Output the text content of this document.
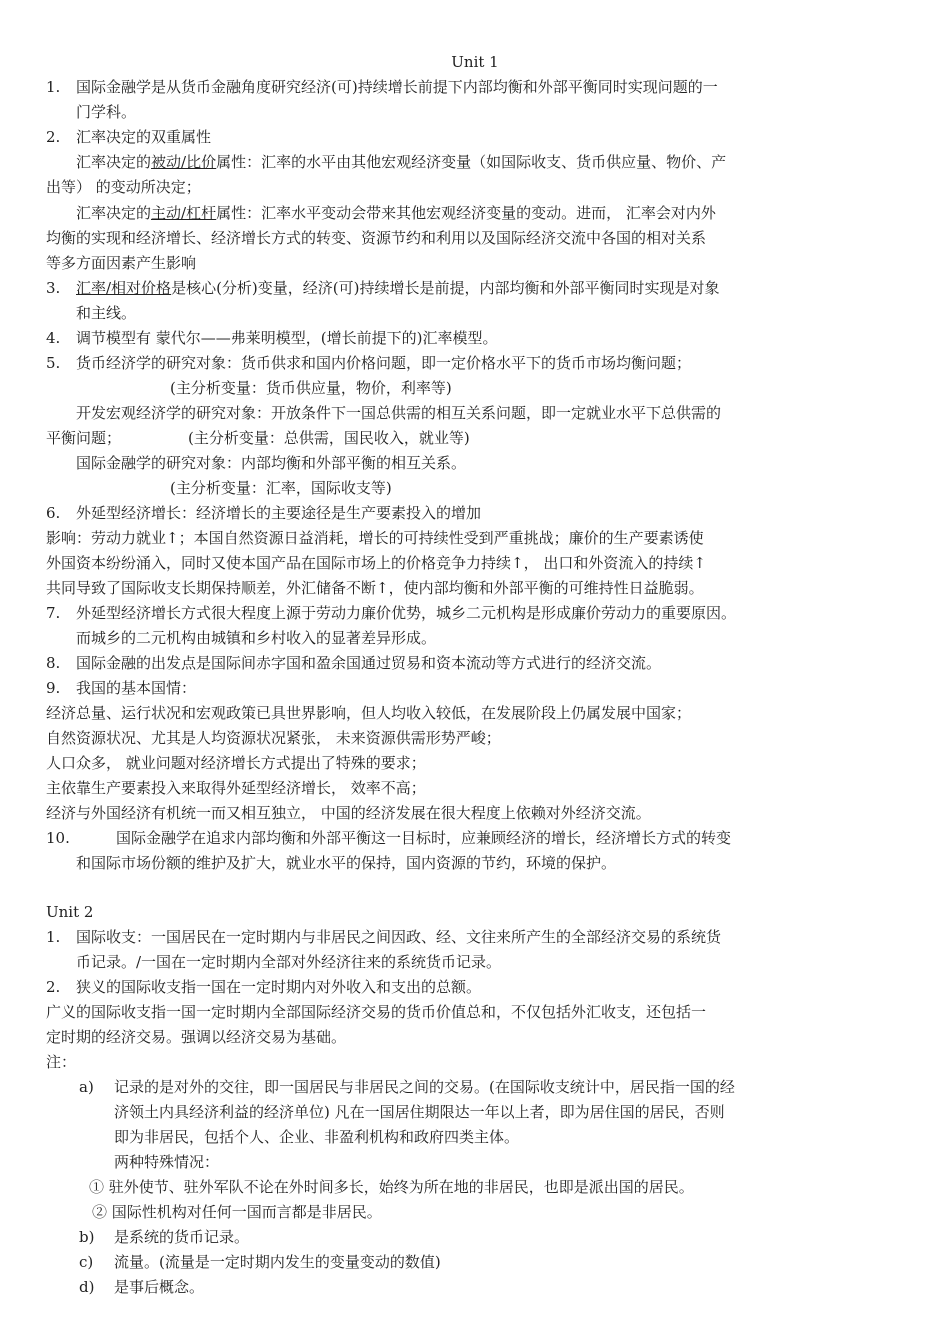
Unit 1
1. 国际金融学是从货币金融角度研究经济(可)持续增长前提下内部均衡和外部平衡同时实现问题的一
门学科。
2. 汇率决定的双重属性
汇率决定的被动/比价属性：汇率的水平由其他宏观经济变量（如国际收支、货币供应量、物价、产
出等） 的变动所决定；
汇率决定的主动/杠杆属性：汇率水平变动会带来其他宏观经济变量的变动。进而， 汇率会对内外
均衡的实现和经济增长、经济增长方式的转变、资源节约和利用以及国际经济交流中各国的相对关系
等多方面因素产生影响
3. 汇率/相对价格是核心(分析)变量，经济(可)持续增长是前提，内部均衡和外部平衡同时实现是对象
和主线。
4. 调节模型有 蒙代尔——弗莱明模型，(增长前提下的)汇率模型。
5. 货币经济学的研究对象：货币供求和国内价格问题，即一定价格水平下的货币市场均衡问题；
(主分析变量：货币供应量，物价，利率等)
开发宏观经济学的研究对象：开放条件下一国总供需的相互关系问题，即一定就业水平下总供需的
平衡问题；	(主分析变量：总供需，国民收入，就业等)
国际金融学的研究对象：内部均衡和外部平衡的相互关系。
(主分析变量：汇率，国际收支等)
6. 外延型经济增长：经济增长的主要途径是生产要素投入的增加
影响：劳动力就业↑；本国自然资源日益消耗，增长的可持续性受到严重挑战；廉价的生产要素诱使
外国资本纷纷涌入，同时又使本国产品在国际市场上的价格竞争力持续↑， 出口和外资流入的持续↑
共同导致了国际收支长期保持顺差，外汇储备不断↑，使内部均衡和外部平衡的可维持性日益脆弱。
7. 外延型经济增长方式很大程度上源于劳动力廉价优势，城乡二元机构是形成廉价劳动力的重要原因。
而城乡的二元机构由城镇和乡村收入的显著差异形成。
8. 国际金融的出发点是国际间赤字国和盈余国通过贸易和资本流动等方式进行的经济交流。
9. 我国的基本国情：
经济总量、运行状况和宏观政策已具世界影响，但人均收入较低，在发展阶段上仍属发展中国家；
自然资源状况、尤其是人均资源状况紧张， 未来资源供需形势严峻；
人口众多， 就业问题对经济增长方式提出了特殊的要求；
主依靠生产要素投入来取得外延型经济增长， 效率不高；
经济与外国经济有机统一而又相互独立， 中国的经济发展在很大程度上依赖对外经济交流。
10.	国际金融学在追求内部均衡和外部平衡这一目标时，应兼顾经济的增长，经济增长方式的转变
和国际市场份额的维护及扩大，就业水平的保持，国内资源的节约，环境的保护。
Unit 2
1. 国际收支：一国居民在一定时期内与非居民之间因政、经、文往来所产生的全部经济交易的系统货
币记录。/一国在一定时期内全部对外经济往来的系统货币记录。
2. 狭义的国际收支指一国在一定时期内对外收入和支出的总额。
广义的国际收支指一国一定时期内全部国际经济交易的货币价值总和，不仅包括外汇收支，还包括一
定时期的经济交易。强调以经济交易为基础。
注：
a) 记录的是对外的交往，即一国居民与非居民之间的交易。(在国际收支统计中，居民指一国的经
济领土内具经济利益的经济单位) 凡在一国居住期限达一年以上者，即为居住国的居民，否则
即为非居民，包括个人、企业、非盈利机构和政府四类主体。
两种特殊情况：
① 驻外使节、驻外军队不论在外时间多长，始终为所在地的非居民，也即是派出国的居民。
② 国际性机构对任何一国而言都是非居民。
b) 是系统的货币记录。
c) 流量。(流量是一定时期内发生的变量变动的数值)
d) 是事后概念。
